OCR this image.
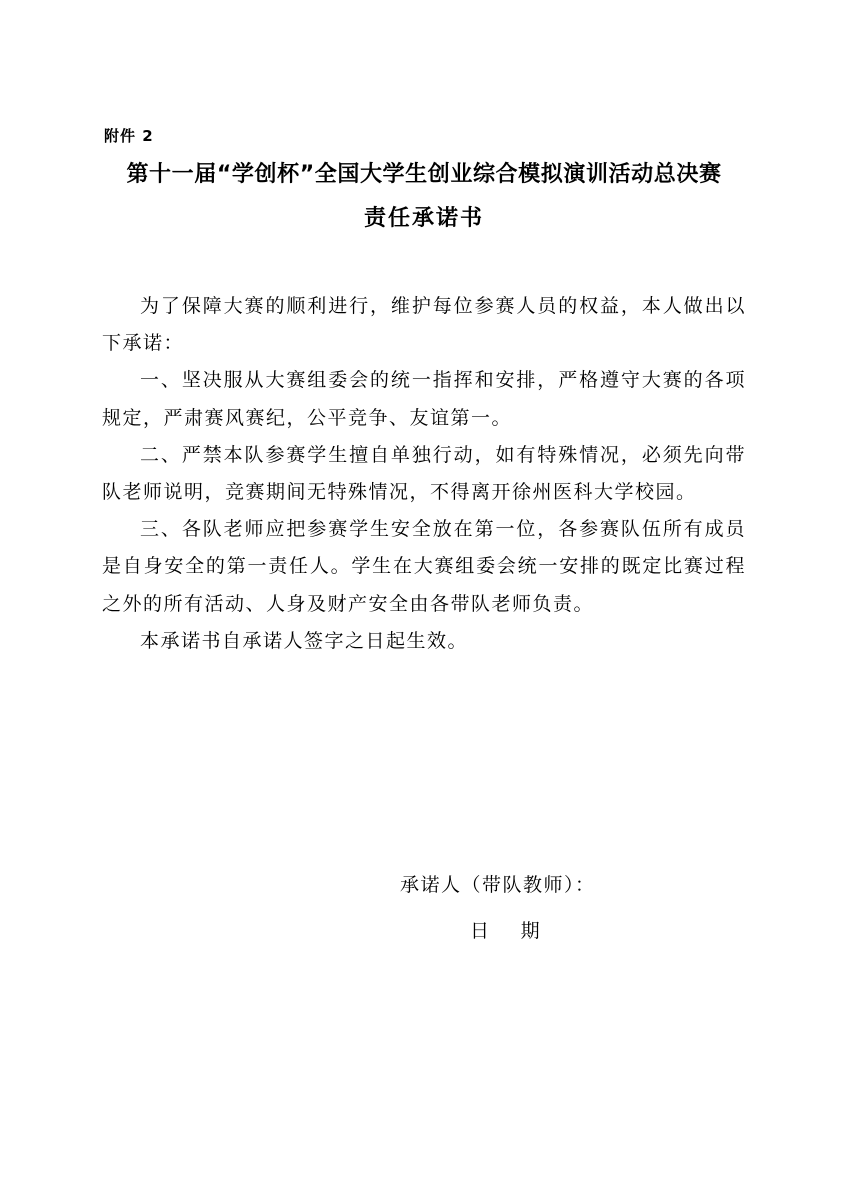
附件 2
第十一届“学创杯”全国大学生创业综合模拟演训活动总决赛
责任承诺书

为了保障大赛的顺利进行，维护每位参赛人员的权益，本人做出以下承诺：

一、坚决服从大赛组委会的统一指挥和安排，严格遵守大赛的各项规定，严肃赛风赛纪，公平竞争、友谊第一。

二、严禁本队参赛学生擅自单独行动，如有特殊情况，必须先向带队老师说明，竞赛期间无特殊情况，不得离开徐州医科大学校园。

三、各队老师应把参赛学生安全放在第一位，各参赛队伍所有成员是自身安全的第一责任人。学生在大赛组委会统一安排的既定比赛过程之外的所有活动、人身及财产安全由各带队老师负责。

本承诺书自承诺人签字之日起生效。

承诺人（带队教师）：
日    期
